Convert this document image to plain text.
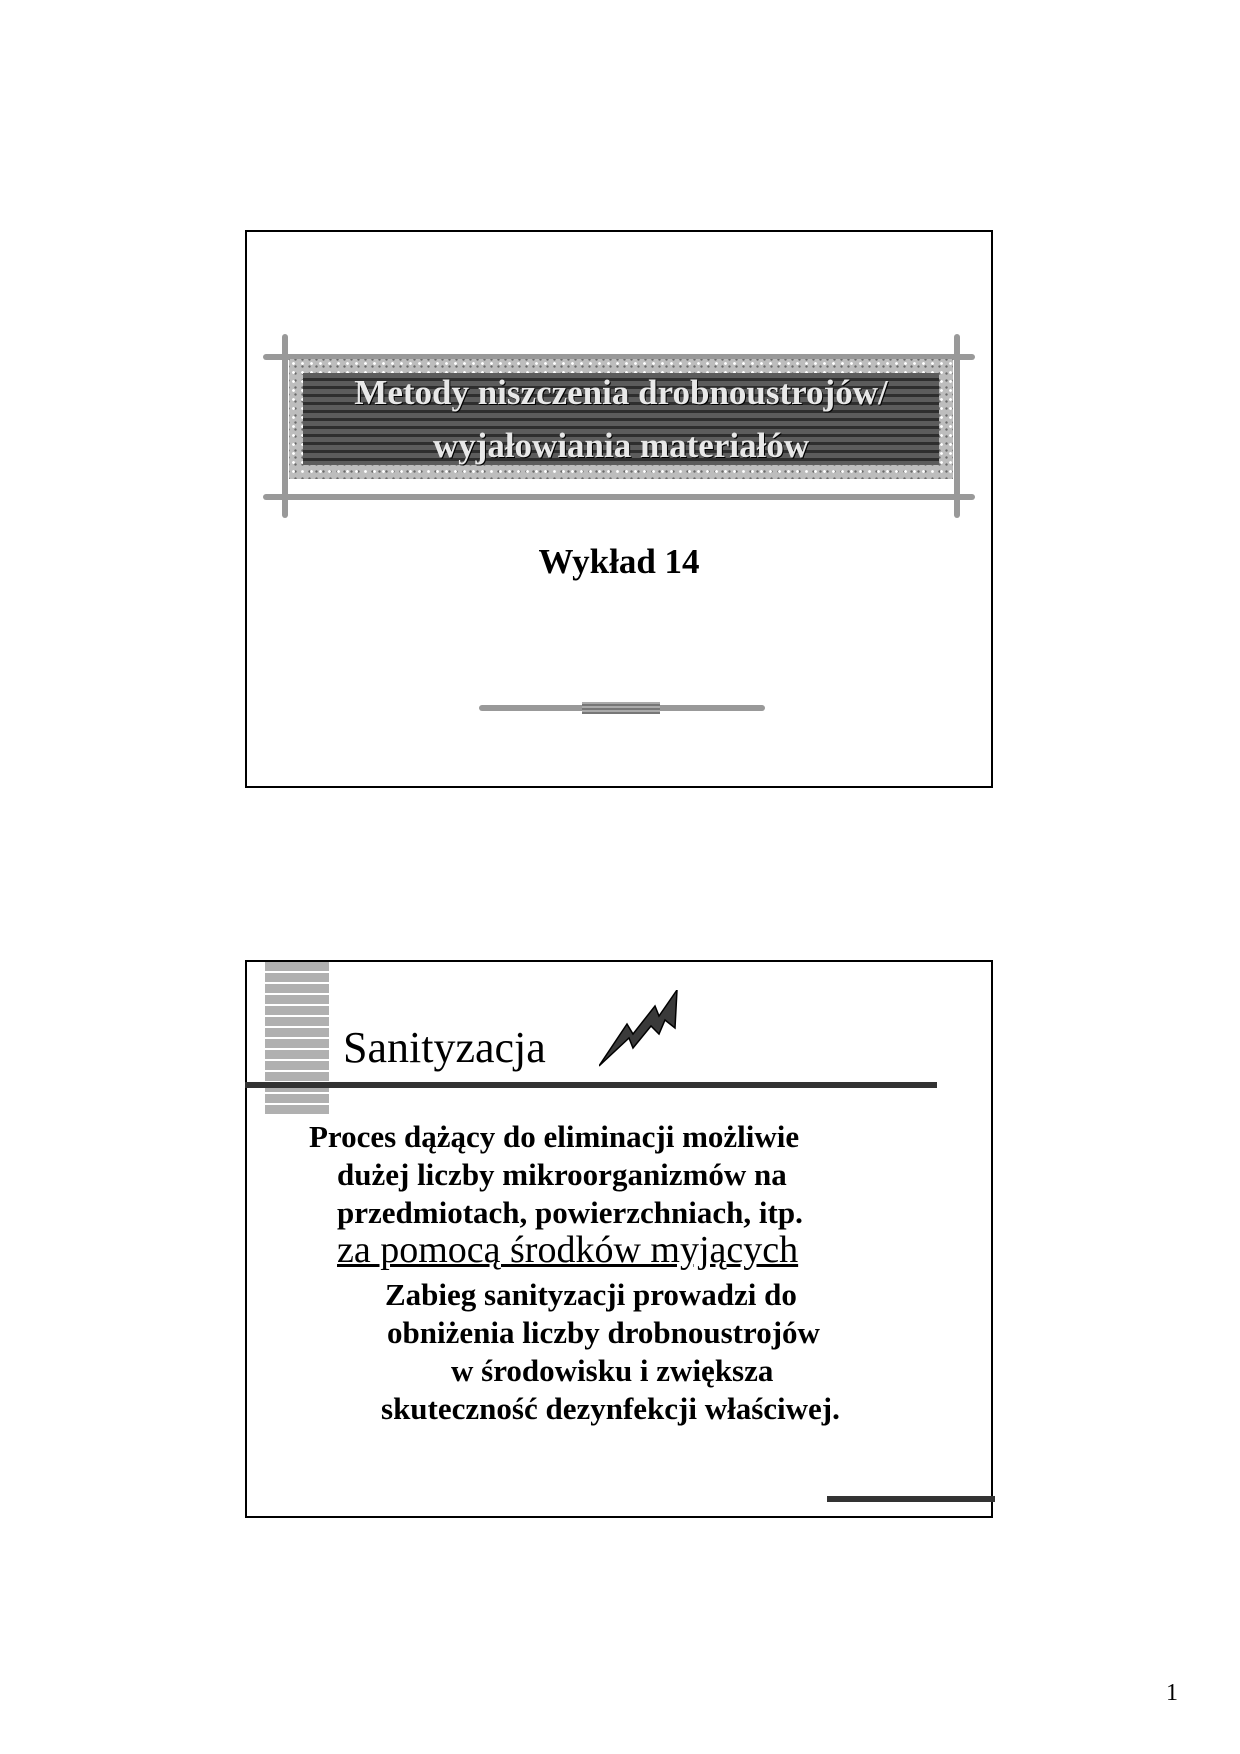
Metody niszczenia drobnoustrojów/
wyjałowiania materiałów
Wykład 14
Sanityzacja
Proces dążący do eliminacji możliwie
dużej liczby mikroorganizmów na
przedmiotach, powierzchniach, itp.
za pomocą środków myjących
Zabieg sanityzacji prowadzi do
obniżenia liczby drobnoustrojów
w środowisku i zwiększa
skuteczność dezynfekcji właściwej.
1
